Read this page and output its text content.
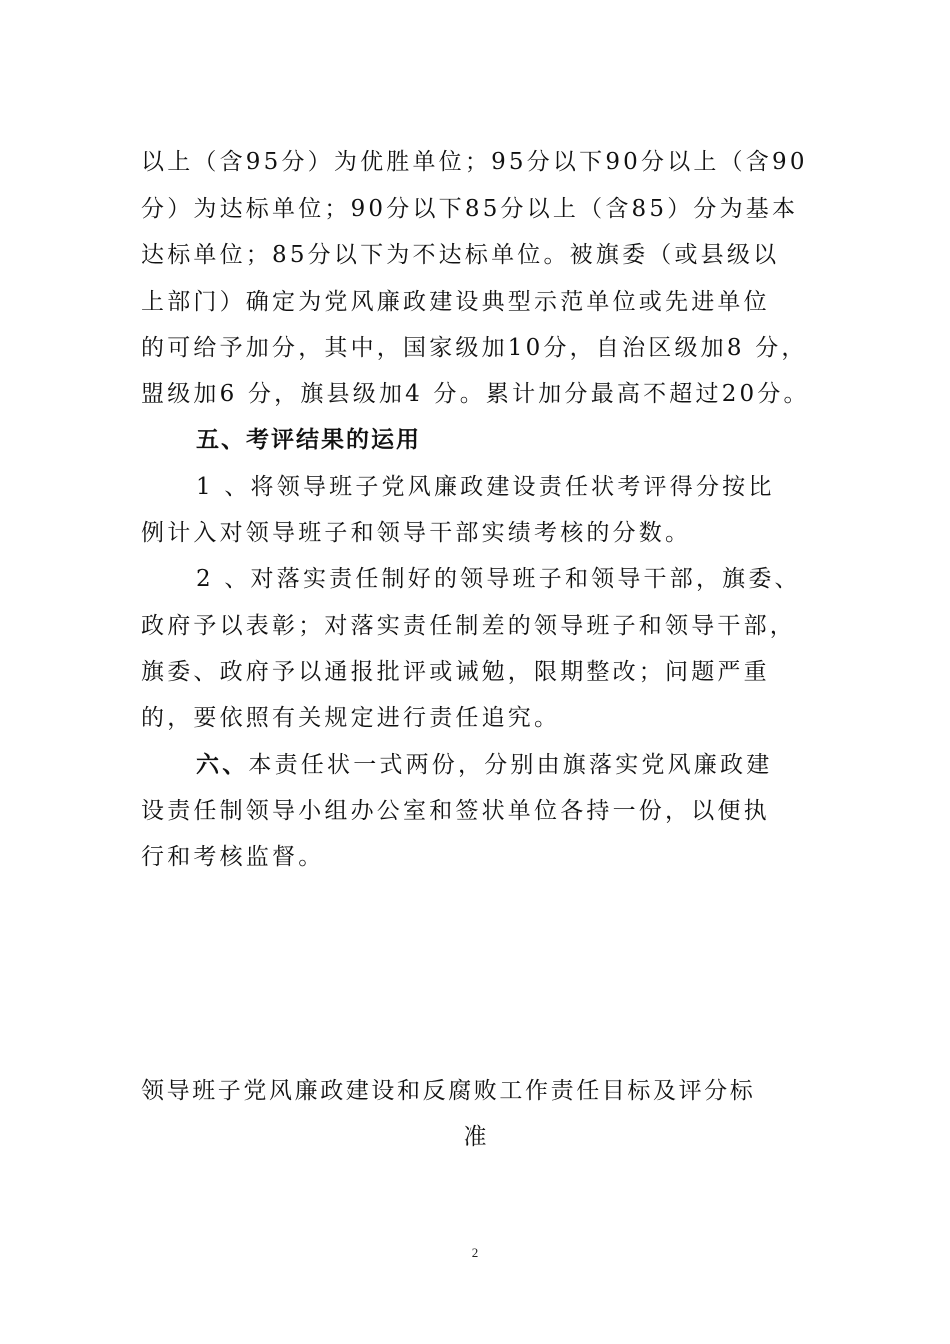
以上（含95分）为优胜单位；95分以下90分以上（含90
分）为达标单位；90分以下85分以上（含85）分为基本
达标单位；85分以下为不达标单位。被旗委（或县级以
上部门）确定为党风廉政建设典型示范单位或先进单位
的可给予加分，其中，国家级加10分，自治区级加8 分，
盟级加6 分，旗县级加4 分。累计加分最高不超过20分。
五、考评结果的运用
1 、将领导班子党风廉政建设责任状考评得分按比
例计入对领导班子和领导干部实绩考核的分数。
2 、对落实责任制好的领导班子和领导干部，旗委、
政府予以表彰；对落实责任制差的领导班子和领导干部，
旗委、政府予以通报批评或诫勉，限期整改；问题严重
的，要依照有关规定进行责任追究。
六、本责任状一式两份，分别由旗落实党风廉政建
设责任制领导小组办公室和签状单位各持一份，以便执
行和考核监督。
领导班子党风廉政建设和反腐败工作责任目标及评分标
准
2
